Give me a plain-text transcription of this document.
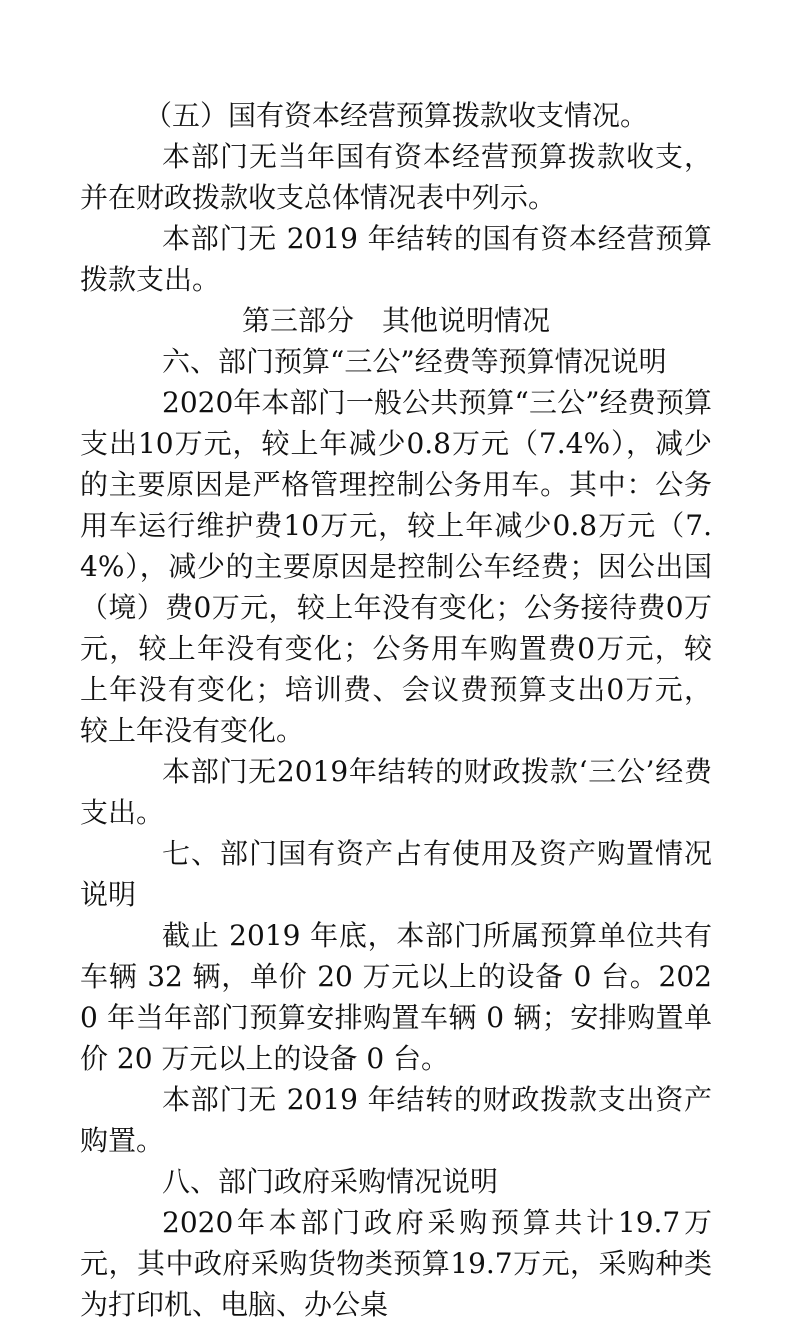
（五）国有资本经营预算拨款收支情况。

本部门无当年国有资本经营预算拨款收支，并在财政拨款收支总体情况表中列示。

本部门无 2019 年结转的国有资本经营预算拨款支出。

第三部分　其他说明情况
六、部门预算“三公”经费等预算情况说明

2020年本部门一般公共预算“三公”经费预算支出10万元，较上年减少0.8万元（7.4%），减少的主要原因是严格管理控制公务用车。其中：公务用车运行维护费10万元，较上年减少0.8万元（7.4%），减少的主要原因是控制公车经费；因公出国（境）费0万元，较上年没有变化；公务接待费0万元，较上年没有变化；公务用车购置费0万元，较上年没有变化；培训费、会议费预算支出0万元，较上年没有变化。

本部门无2019年结转的财政拨款‘三公’经费支出。

七、部门国有资产占有使用及资产购置情况说明

截止 2019 年底，本部门所属预算单位共有车辆 32 辆，单价 20 万元以上的设备 0 台。2020 年当年部门预算安排购置车辆 0 辆；安排购置单价 20 万元以上的设备 0 台。

本部门无 2019 年结转的财政拨款支出资产购置。

八、部门政府采购情况说明

2020年本部门政府采购预算共计19.7万元，其中政府采购货物类预算19.7万元，采购种类为打印机、电脑、办公桌
